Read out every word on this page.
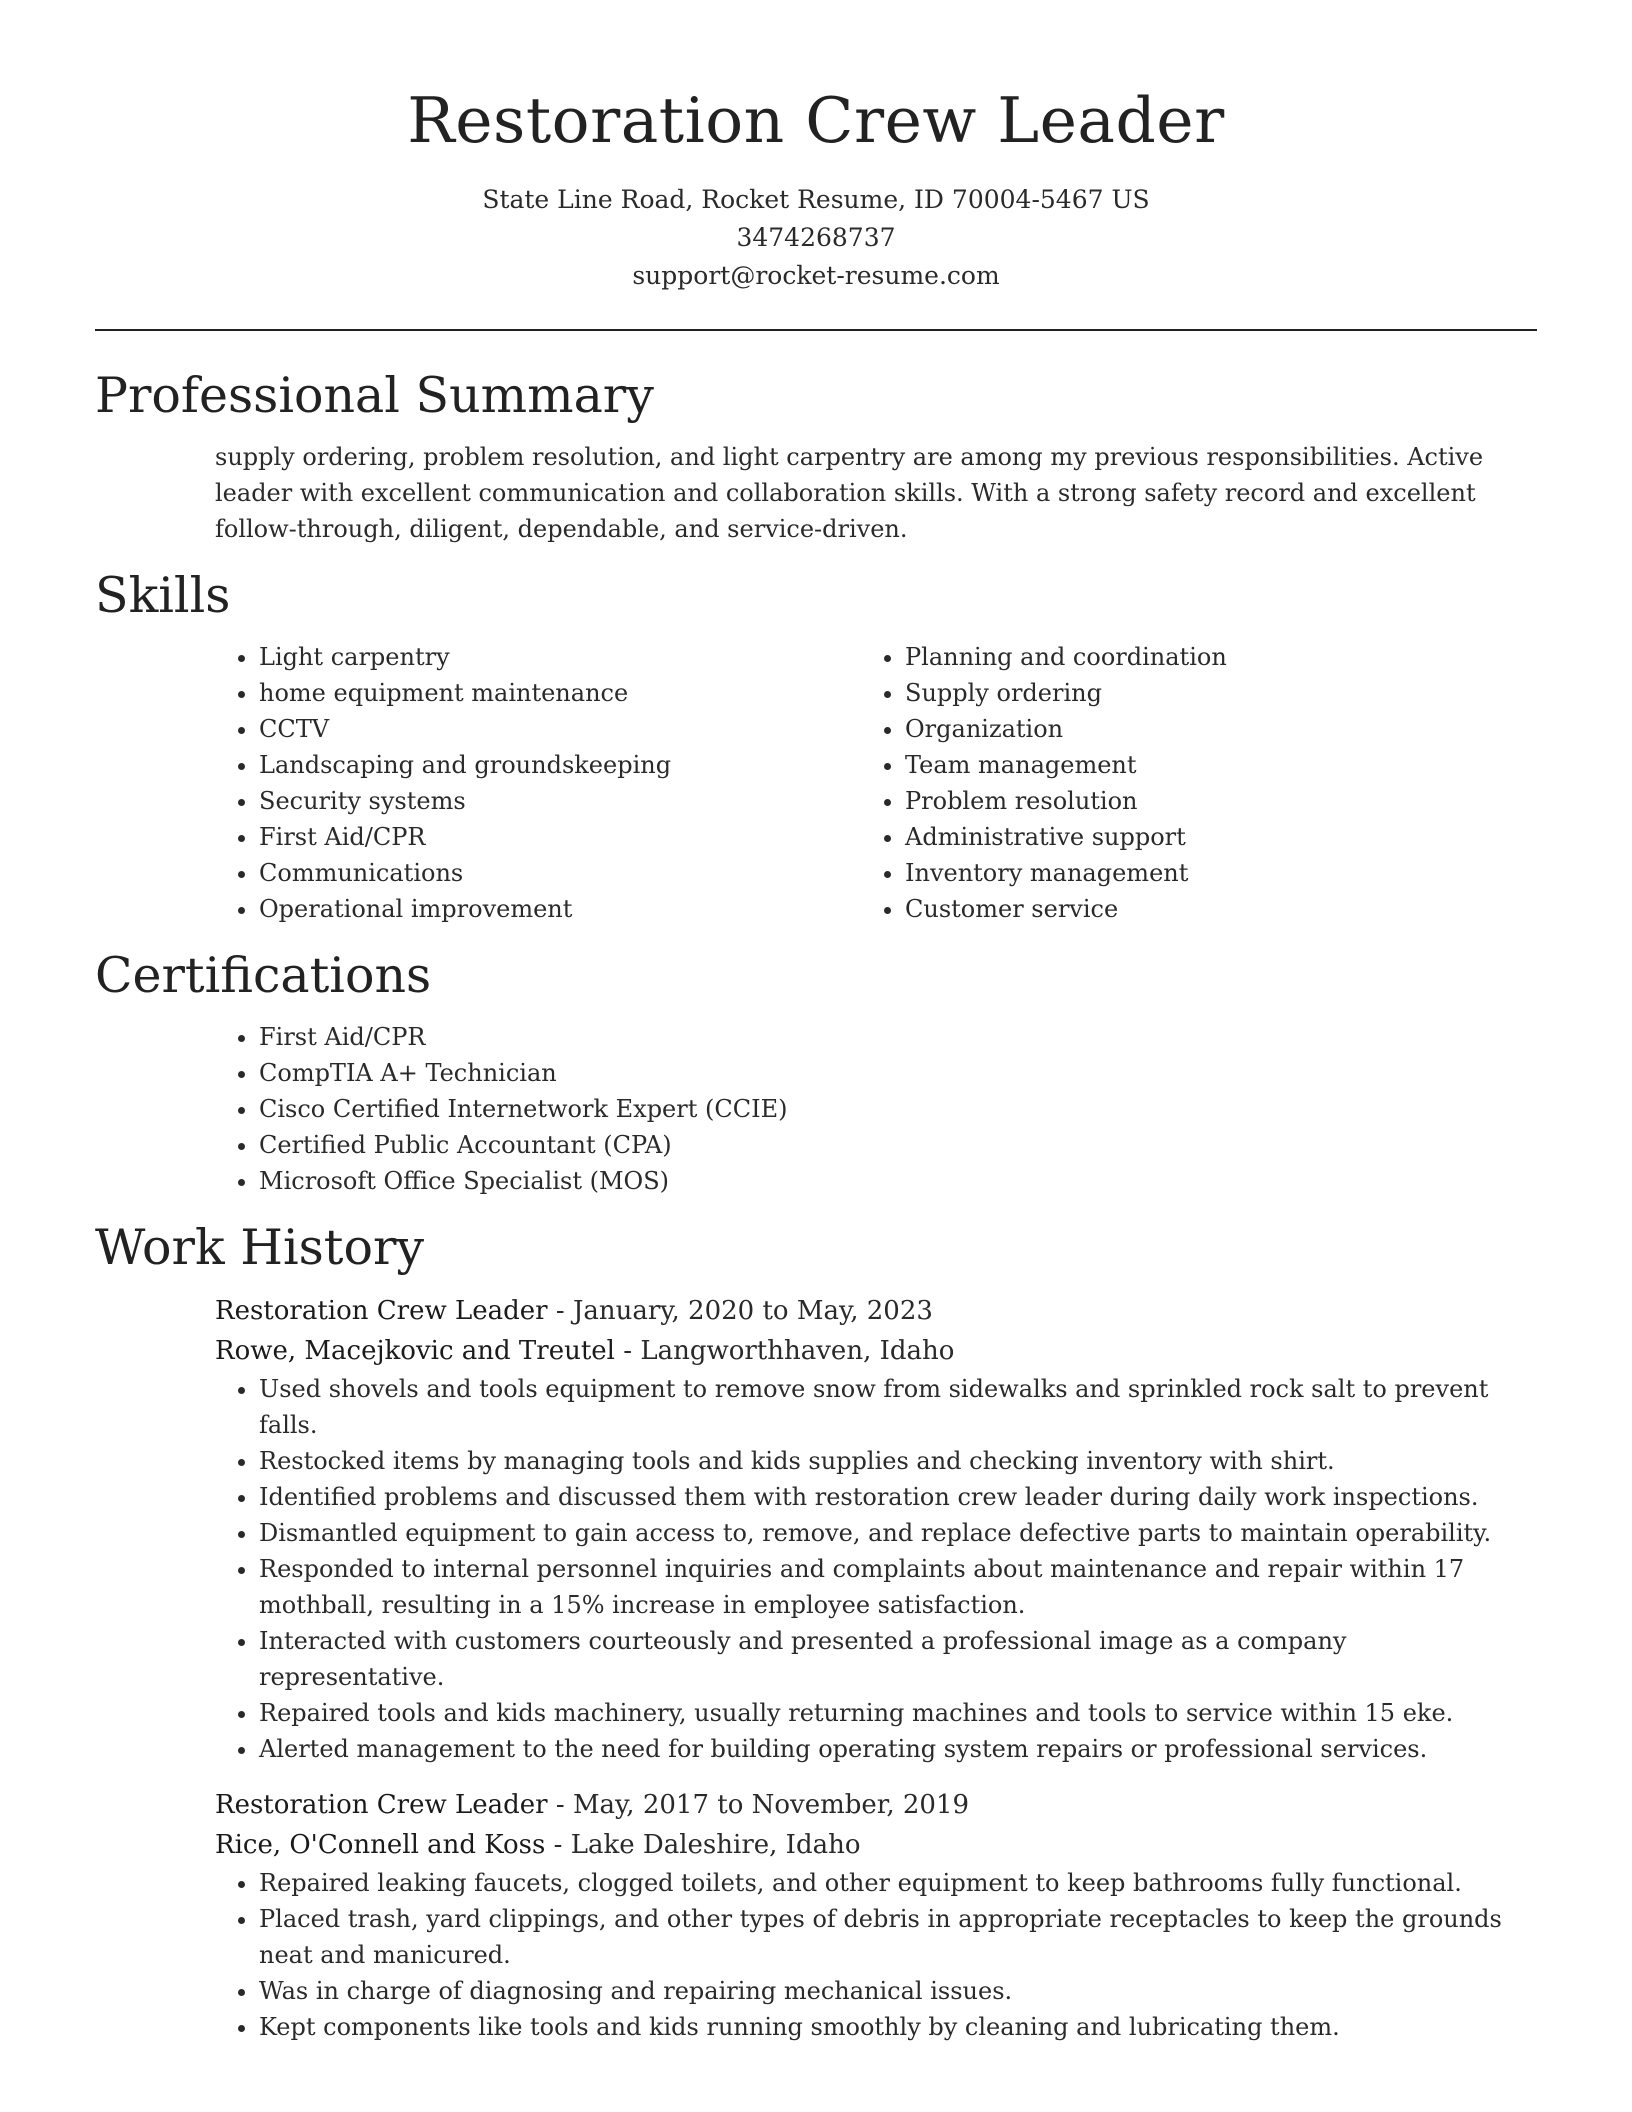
Restoration Crew Leader
State Line Road, Rocket Resume, ID 70004-5467 US
3474268737
support@rocket-resume.com
Professional Summary
supply ordering, problem resolution, and light carpentry are among my previous responsibilities. Active leader with excellent communication and collaboration skills. With a strong safety record and excellent follow-through, diligent, dependable, and service-driven.
Skills
• Light carpentry
• home equipment maintenance
• CCTV
• Landscaping and groundskeeping
• Security systems
• First Aid/CPR
• Communications
• Operational improvement
• Planning and coordination
• Supply ordering
• Organization
• Team management
• Problem resolution
• Administrative support
• Inventory management
• Customer service
Certifications
• First Aid/CPR
• CompTIA A+ Technician
• Cisco Certified Internetwork Expert (CCIE)
• Certified Public Accountant (CPA)
• Microsoft Office Specialist (MOS)
Work History
Restoration Crew Leader - January, 2020 to May, 2023
Rowe, Macejkovic and Treutel - Langworthhaven, Idaho
• Used shovels and tools equipment to remove snow from sidewalks and sprinkled rock salt to prevent falls.
• Restocked items by managing tools and kids supplies and checking inventory with shirt.
• Identified problems and discussed them with restoration crew leader during daily work inspections.
• Dismantled equipment to gain access to, remove, and replace defective parts to maintain operability.
• Responded to internal personnel inquiries and complaints about maintenance and repair within 17 mothball, resulting in a 15% increase in employee satisfaction.
• Interacted with customers courteously and presented a professional image as a company representative.
• Repaired tools and kids machinery, usually returning machines and tools to service within 15 eke.
• Alerted management to the need for building operating system repairs or professional services.
Restoration Crew Leader - May, 2017 to November, 2019
Rice, O'Connell and Koss - Lake Daleshire, Idaho
• Repaired leaking faucets, clogged toilets, and other equipment to keep bathrooms fully functional.
• Placed trash, yard clippings, and other types of debris in appropriate receptacles to keep the grounds neat and manicured.
• Was in charge of diagnosing and repairing mechanical issues.
• Kept components like tools and kids running smoothly by cleaning and lubricating them.
